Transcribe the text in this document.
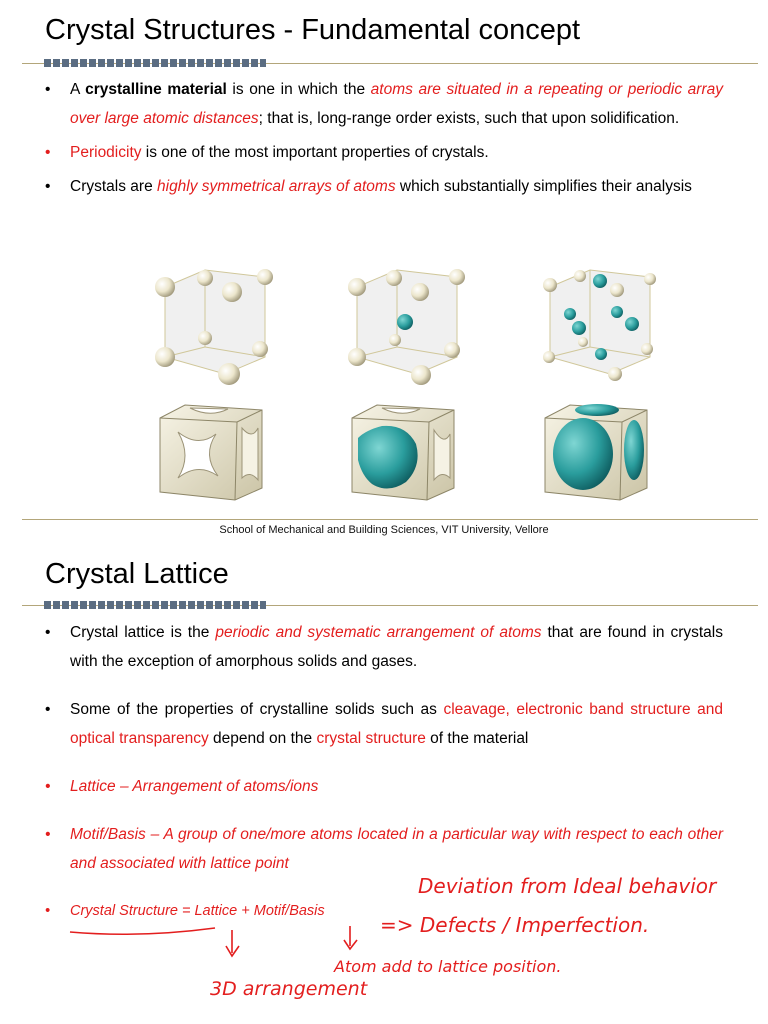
Crystal Structures - Fundamental concept
• A crystalline material is one in which the atoms are situated in a repeating or periodic array over large atomic distances; that is, long-range order exists, such that upon solidification.
• Periodicity is one of the most important properties of crystals.
• Crystals are highly symmetrical arrays of atoms which substantially simplifies their analysis
School of Mechanical and Building Sciences, VIT University, Vellore
Crystal Lattice
• Crystal lattice is the periodic and systematic arrangement of atoms that are found in crystals with the exception of amorphous solids and gases.
• Some of the properties of crystalline solids such as cleavage, electronic band structure and optical transparency depend on the crystal structure of the material
• Lattice – Arrangement of atoms/ions
• Motif/Basis – A group of one/more atoms located in a particular way with respect to each other and associated with lattice point
• Crystal Structure = Lattice + Motif/Basis
Deviation from Ideal behavior
=> Defects / Imperfection.
Atom add to lattice position.
3D arrangement
